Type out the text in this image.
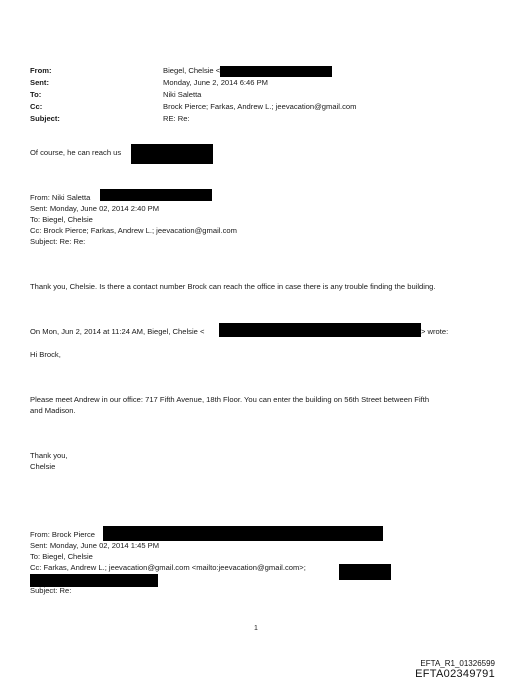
From:	Biegel, Chelsie <
Sent:	Monday, June 2, 2014 6:46 PM
To:	Niki Saletta
Cc:	Brock Pierce; Farkas, Andrew L.; jeevacation@gmail.com
Subject:	RE: Re:
Of course, he can reach us
From: Niki Saletta
Sent: Monday, June 02, 2014 2:40 PM
To: Biegel, Chelsie
Cc: Brock Pierce; Farkas, Andrew L.; jeevacation@gmail.com
Subject: Re: Re:
Thank you, Chelsie. Is there a contact number Brock can reach the office in case there is any trouble finding the building.
On Mon, Jun 2, 2014 at 11:24 AM, Biegel, Chelsie <	> wrote:
Hi Brock,
Please meet Andrew in our office: 717 Fifth Avenue, 18th Floor. You can enter the building on 56th Street between Fifth
and Madison.
Thank you,
Chelsie
From: Brock Pierce
Sent: Monday, June 02, 2014 1:45 PM
To: Biegel, Chelsie
Cc: Farkas, Andrew L.; jeevacation@gmail.com <mailto:jeevacation@gmail.com>;
Subject: Re:
1
EFTA_R1_01326599
EFTA02349791
